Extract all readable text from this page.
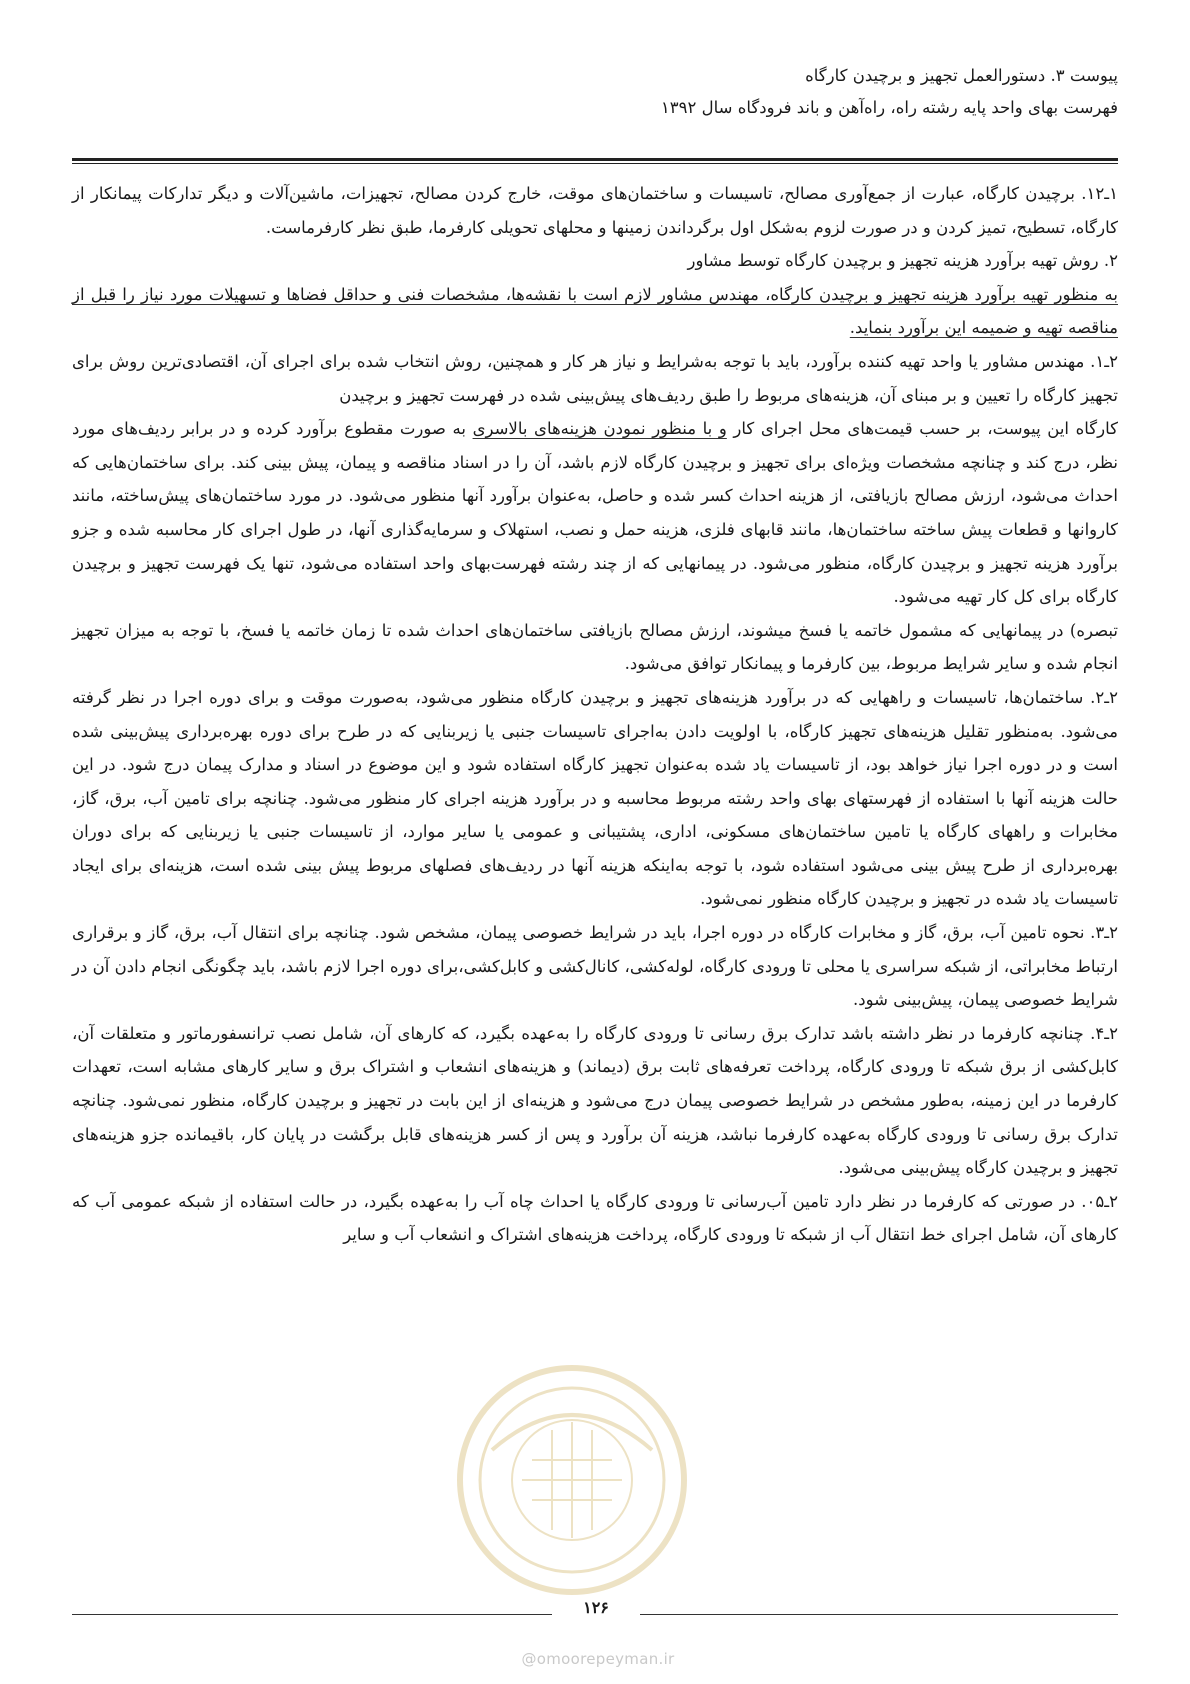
پیوست ۳. دستورالعمل تجهیز و برچیدن کارگاه
فهرست بهای واحد پایه رشته راه، راه‌آهن و باند فرودگاه سال ۱۳۹۲

۱ـ۱۲. برچیدن کارگاه، عبارت از جمع‌آوری مصالح، تاسیسات و ساختمان‌های موقت، خارج کردن مصالح، تجهیزات، ماشین‌آلات و دیگر تدارکات پیمانکار از کارگاه، تسطیح، تمیز کردن و در صورت لزوم به‌شکل اول برگرداندن زمینها و محلهای تحویلی کارفرما، طبق نظر کارفرماست.

۲. روش تهیه برآورد هزینه تجهیز و برچیدن کارگاه توسط مشاور

به منظور تهیه برآورد هزینه تجهیز و برچیدن کارگاه، مهندس مشاور لازم است با نقشه‌ها، مشخصات فنی و حداقل فضاها و تسهیلات مورد نیاز را قبل از مناقصه تهیه و ضمیمه این برآورد بنماید.

۲ـ۱. مهندس مشاور یا واحد تهیه کننده برآورد، باید با توجه به‌شرایط و نیاز هر کار و همچنین، روش انتخاب شده برای اجرای آن، اقتصادی‌ترین روش برای تجهیز کارگاه را تعیین و بر مبنای آن، هزینه‌های مربوط را طبق ردیف‌های پیش‌بینی شده در فهرست تجهیز و برچیدن

کارگاه این پیوست، بر حسب قیمت‌های محل اجرای کار و با منظور نمودن هزینه‌های بالاسری به صورت مقطوع برآورد کرده و در برابر ردیف‌های مورد نظر، درج کند و چنانچه مشخصات ویژه‌ای برای تجهیز و برچیدن کارگاه لازم باشد، آن را در اسناد مناقصه و پیمان، پیش بینی کند. برای ساختمان‌هایی که احداث می‌شود، ارزش مصالح بازیافتی، از هزینه احداث کسر شده و حاصل، به‌عنوان برآورد آنها منظور می‌شود. در مورد ساختمان‌های پیش‌ساخته، مانند کاروانها و قطعات پیش ساخته ساختمان‌ها، مانند قابهای فلزی، هزینه حمل و نصب، استهلاک و سرمایه‌گذاری آنها، در طول اجرای کار محاسبه شده و جزو برآورد هزینه تجهیز و برچیدن کارگاه، منظور می‌شود. در پیمانهایی که از چند رشته فهرست‌بهای واحد استفاده می‌شود، تنها یک فهرست تجهیز و برچیدن کارگاه برای کل کار تهیه می‌شود.

تبصره) در پیمانهایی که مشمول خاتمه یا فسخ میشوند، ارزش مصالح بازیافتی ساختمان‌های احداث شده تا زمان خاتمه یا فسخ، با توجه به میزان تجهیز انجام شده و سایر شرایط مربوط، بین کارفرما و پیمانکار توافق می‌شود.

۲ـ۲. ساختمان‌ها، تاسیسات و راههایی که در برآورد هزینه‌های تجهیز و برچیدن کارگاه منظور می‌شود، به‌صورت موقت و برای دوره اجرا در نظر گرفته می‌شود. به‌منظور تقلیل هزینه‌های تجهیز کارگاه، با اولویت دادن به‌اجرای تاسیسات جنبی یا زیربنایی که در طرح برای دوره بهره‌برداری پیش‌بینی شده است و در دوره اجرا نیاز خواهد بود، از تاسیسات یاد شده به‌عنوان تجهیز کارگاه استفاده شود و این موضوع در اسناد و مدارک پیمان درج شود. در این حالت هزینه آنها با استفاده از فهرستهای بهای واحد رشته مربوط محاسبه و در برآورد هزینه اجرای کار منظور می‌شود. چنانچه برای تامین آب، برق، گاز، مخابرات و راههای کارگاه یا تامین ساختمان‌های مسکونی، اداری، پشتیبانی و عمومی یا سایر موارد، از تاسیسات جنبی یا زیربنایی که برای دوران بهره‌برداری از طرح پیش بینی می‌شود استفاده شود، با توجه به‌اینکه هزینه آنها در ردیف‌های فصلهای مربوط پیش بینی شده است، هزینه‌ای برای ایجاد تاسیسات یاد شده در تجهیز و برچیدن کارگاه منظور نمی‌شود.

۲ـ۳. نحوه تامین آب، برق، گاز و مخابرات کارگاه در دوره اجرا، باید در شرایط خصوصی پیمان، مشخص شود. چنانچه برای انتقال آب، برق، گاز و برقراری ارتباط مخابراتی، از شبکه سراسری یا محلی تا ورودی کارگاه، لوله‌کشی، کانال‌کشی و کابل‌کشی،برای دوره اجرا لازم باشد، باید چگونگی انجام دادن آن در شرایط خصوصی پیمان، پیش‌بینی شود.

۲ـ۴. چنانچه کارفرما در نظر داشته باشد تدارک برق رسانی تا ورودی کارگاه را به‌عهده بگیرد، که کارهای آن، شامل نصب ترانسفورماتور و متعلقات آن، کابل‌کشی از برق شبکه تا ورودی کارگاه، پرداخت تعرفه‌های ثابت برق (دیماند) و هزینه‌های انشعاب و اشتراک برق و سایر کارهای مشابه است، تعهدات کارفرما در این زمینه، به‌طور مشخص در شرایط خصوصی پیمان درج می‌شود و هزینه‌ای از این بابت در تجهیز و برچیدن کارگاه، منظور نمی‌شود. چنانچه تدارک برق رسانی تا ورودی کارگاه به‌عهده کارفرما نباشد، هزینه آن برآورد و پس از کسر هزینه‌های قابل برگشت در پایان کار، باقیمانده جزو هزینه‌های تجهیز و برچیدن کارگاه پیش‌بینی می‌شود.

۲ـ۰۵. در صورتی که کارفرما در نظر دارد تامین آب‌رسانی تا ورودی کارگاه یا احداث چاه آب را به‌عهده بگیرد، در حالت استفاده از شبکه عمومی آب که کارهای آن، شامل اجرای خط انتقال آب از شبکه تا ورودی کارگاه، پرداخت هزینه‌های اشتراک و انشعاب آب و سایر

۱۲۶
@omoorepeyman.ir
